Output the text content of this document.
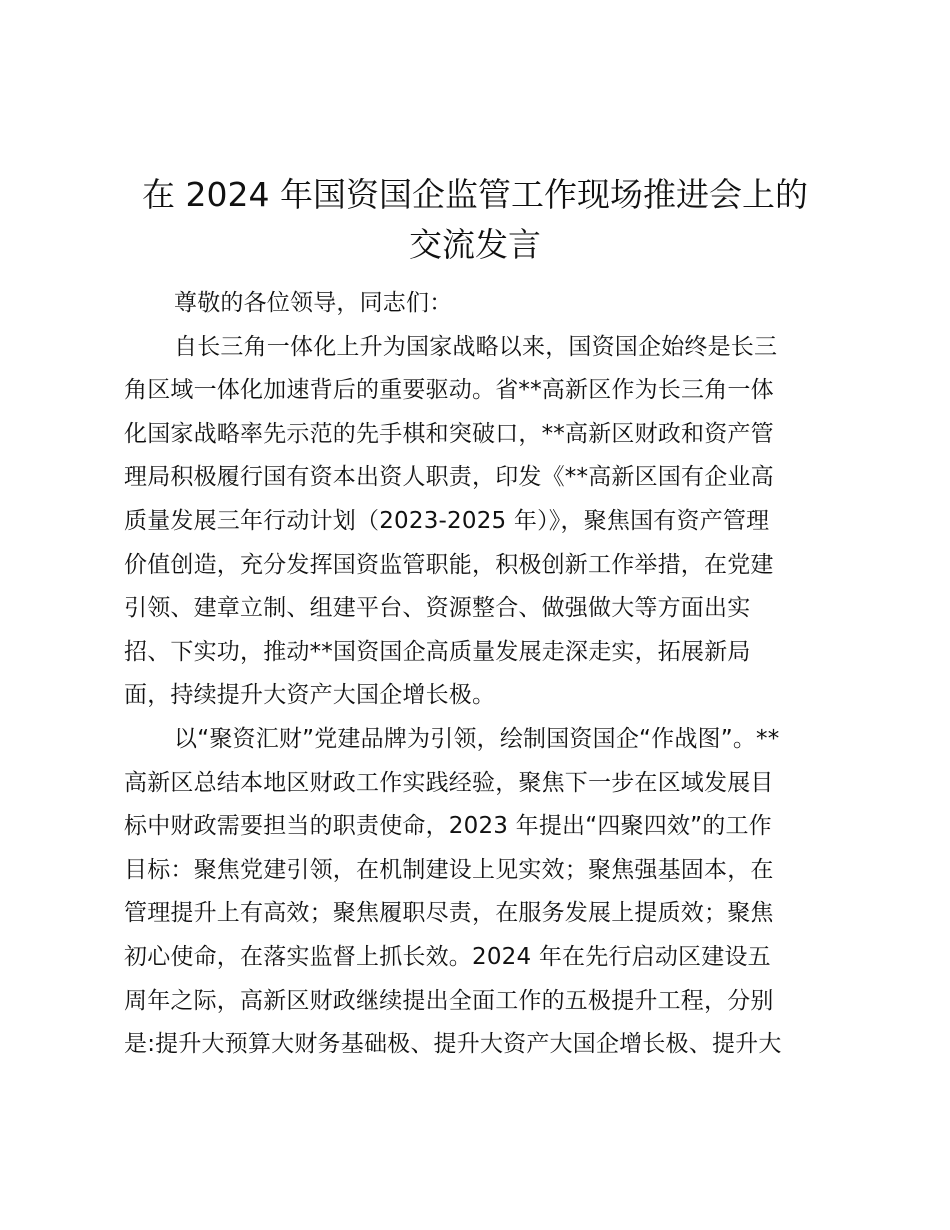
在 2024 年国资国企监管工作现场推进会上的
交流发言

尊敬的各位领导，同志们：

自长三角一体化上升为国家战略以来，国资国企始终是长三
角区域一体化加速背后的重要驱动。省**高新区作为长三角一体
化国家战略率先示范的先手棋和突破口，**高新区财政和资产管
理局积极履行国有资本出资人职责，印发《**高新区国有企业高
质量发展三年行动计划（2023-2025 年）》，聚焦国有资产管理
价值创造，充分发挥国资监管职能，积极创新工作举措，在党建
引领、建章立制、组建平台、资源整合、做强做大等方面出实
招、下实功，推动**国资国企高质量发展走深走实，拓展新局
面，持续提升大资产大国企增长极。

以“聚资汇财”党建品牌为引领，绘制国资国企“作战图”。**
高新区总结本地区财政工作实践经验，聚焦下一步在区域发展目
标中财政需要担当的职责使命，2023 年提出“四聚四效”的工作
目标：聚焦党建引领，在机制建设上见实效；聚焦强基固本，在
管理提升上有高效；聚焦履职尽责，在服务发展上提质效；聚焦
初心使命，在落实监督上抓长效。2024 年在先行启动区建设五
周年之际，高新区财政继续提出全面工作的五极提升工程，分别
是:提升大预算大财务基础极、提升大资产大国企增长极、提升大
